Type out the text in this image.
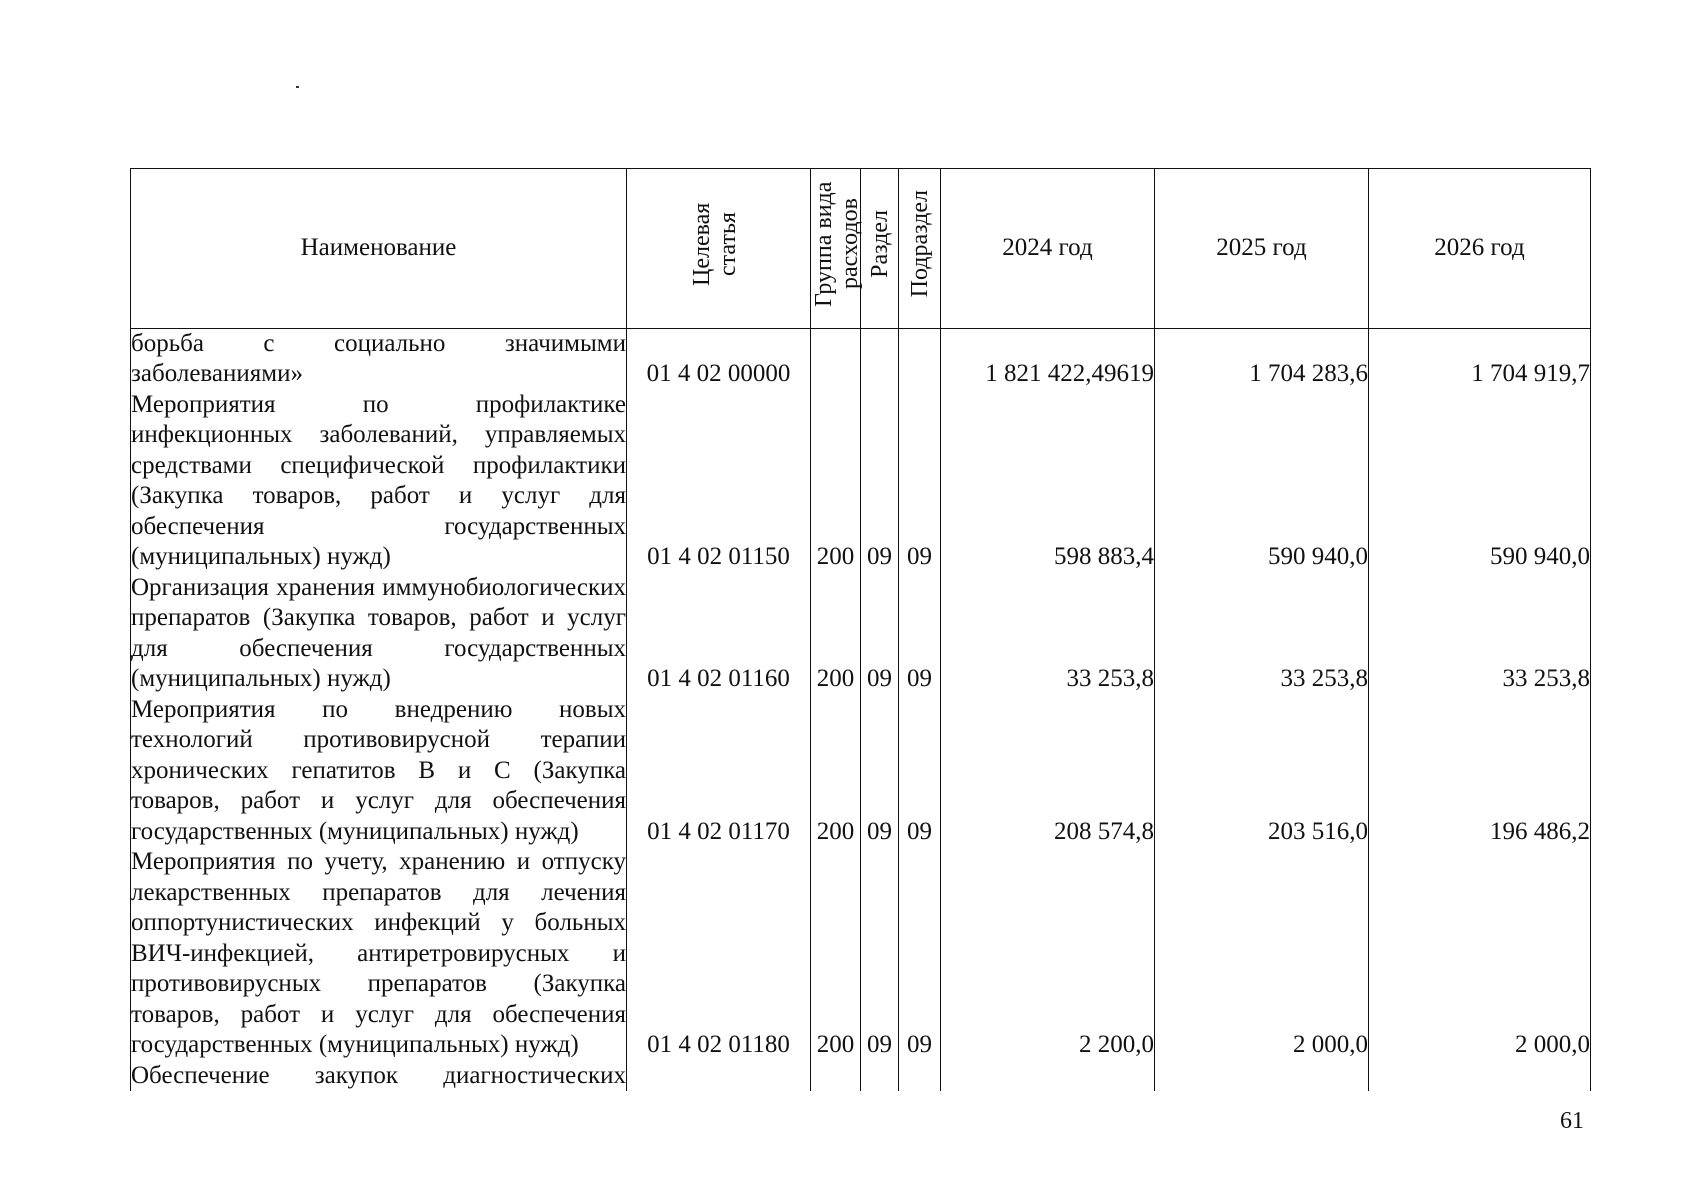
Наименование	Целевая статья	Группа вида расходов	Раздел	Подраздел	2024 год	2025 год	2026 год

борьба с социально значимыми заболеваниями»	01 4 02 00000				1 821 422,49619	1 704 283,6	1 704 919,7

Мероприятия по профилактике инфекционных заболеваний, управляемых средствами специфической профилактики (Закупка товаров, работ и услуг для обеспечения государственных (муниципальных) нужд)	01 4 02 01150	200	09	09	598 883,4	590 940,0	590 940,0

Организация хранения иммунобиологических препаратов (Закупка товаров, работ и услуг для обеспечения государственных (муниципальных) нужд)	01 4 02 01160	200	09	09	33 253,8	33 253,8	33 253,8

Мероприятия по внедрению новых технологий противовирусной терапии хронических гепатитов В и С (Закупка товаров, работ и услуг для обеспечения государственных (муниципальных) нужд)	01 4 02 01170	200	09	09	208 574,8	203 516,0	196 486,2

Мероприятия по учету, хранению и отпуску лекарственных препаратов для лечения оппортунистических инфекций у больных ВИЧ-инфекцией, антиретровирусных и противовирусных препаратов (Закупка товаров, работ и услуг для обеспечения государственных (муниципальных) нужд)	01 4 02 01180	200	09	09	2 200,0	2 000,0	2 000,0

Обеспечение закупок диагностических							

61
